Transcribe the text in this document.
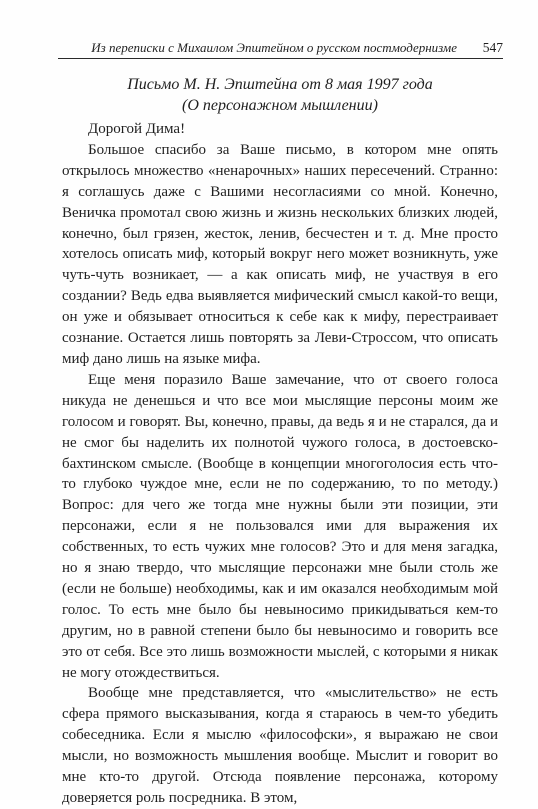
Из переписки с Михаилом Эпштейном о русском постмодернизме 547
Письмо М. Н. Эпштейна от 8 мая 1997 года
(О персонажном мышлении)

Дорогой Дима!

Большое спасибо за Ваше письмо, в котором мне опять открылось множество «ненарочных» наших пересечений. Странно: я соглашусь даже с Вашими несогласиями со мной. Конечно, Веничка промотал свою жизнь и жизнь нескольких близких людей, конечно, был грязен, жесток, ленив, бесчестен и т. д. Мне просто хотелось описать миф, который вокруг него может возникнуть, уже чуть-чуть возникает, — а как описать миф, не участвуя в его создании? Ведь едва выявляется мифический смысл какой-то вещи, он уже и обязывает относиться к себе как к мифу, перестраивает сознание. Остается лишь повторять за Леви-Строссом, что описать миф дано лишь на языке мифа.

Еще меня поразило Ваше замечание, что от своего голоса никуда не денешься и что все мои мыслящие персоны моим же голосом и говорят. Вы, конечно, правы, да ведь я и не старался, да и не смог бы наделить их полнотой чужого голоса, в достоевско-бахтинском смысле. (Вообще в концепции многоголосия есть что-то глубоко чуждое мне, если не по содержанию, то по методу.) Вопрос: для чего же тогда мне нужны были эти позиции, эти персонажи, если я не пользовался ими для выражения их собственных, то есть чужих мне голосов? Это и для меня загадка, но я знаю твердо, что мыслящие персонажи мне были столь же (если не больше) необходимы, как и им оказался необходимым мой голос. То есть мне было бы невыносимо прикидываться кем-то другим, но в равной степени было бы невыносимо и говорить все это от себя. Все это лишь возможности мыслей, с которыми я никак не могу отождествиться.

Вообще мне представляется, что «мыслительство» не есть сфера прямого высказывания, когда я стараюсь в чем-то убедить собеседника. Если я мыслю «философски», я выражаю не свои мысли, но возможность мышления вообще. Мыслит и говорит во мне кто-то другой. Отсюда появление персонажа, которому доверяется роль посредника. В этом,
